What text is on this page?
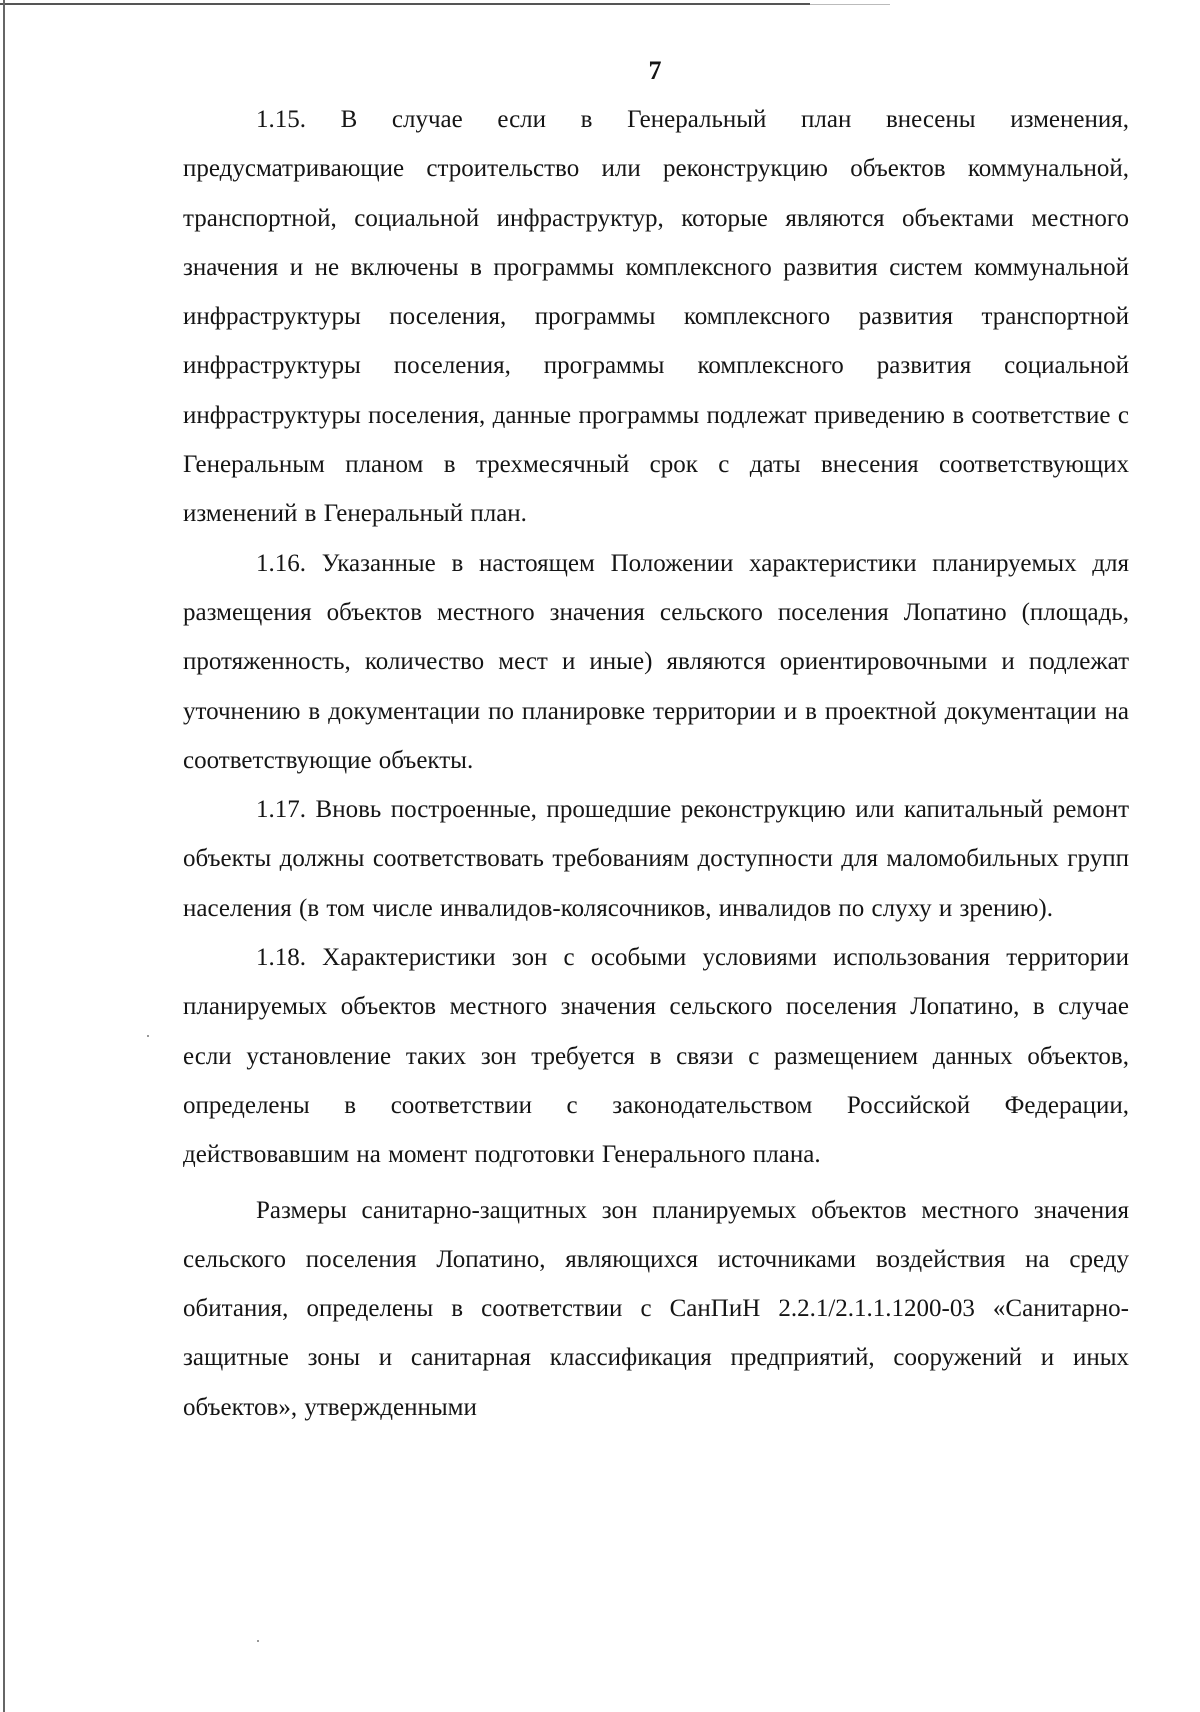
7

1.15. В случае если в Генеральный план внесены изменения, предусматривающие строительство или реконструкцию объектов коммунальной, транспортной, социальной инфраструктур, которые являются объектами местного значения и не включены в программы комплексного развития систем коммунальной инфраструктуры поселения, программы комплексного развития транспортной инфраструктуры поселения, программы комплексного развития социальной инфраструктуры поселения, данные программы подлежат приведению в соответствие с Генеральным планом в трехмесячный срок с даты внесения соответствующих изменений в Генеральный план.

1.16. Указанные в настоящем Положении характеристики планируемых для размещения объектов местного значения сельского поселения Лопатино (площадь, протяженность, количество мест и иные) являются ориентировочными и подлежат уточнению в документации по планировке территории и в проектной документации на соответствующие объекты.

1.17. Вновь построенные, прошедшие реконструкцию или капитальный ремонт объекты должны соответствовать требованиям доступности для маломобильных групп населения (в том числе инвалидов-колясочников, инвалидов по слуху и зрению).

1.18. Характеристики зон с особыми условиями использования территории планируемых объектов местного значения сельского поселения Лопатино, в случае если установление таких зон требуется в связи с размещением данных объектов, определены в соответствии с законодательством Российской Федерации, действовавшим на момент подготовки Генерального плана.

Размеры санитарно-защитных зон планируемых объектов местного значения сельского поселения Лопатино, являющихся источниками воздействия на среду обитания, определены в соответствии с СанПиН 2.2.1/2.1.1.1200-03 «Санитарно-защитные зоны и санитарная классификация предприятий, сооружений и иных объектов», утвержденными
